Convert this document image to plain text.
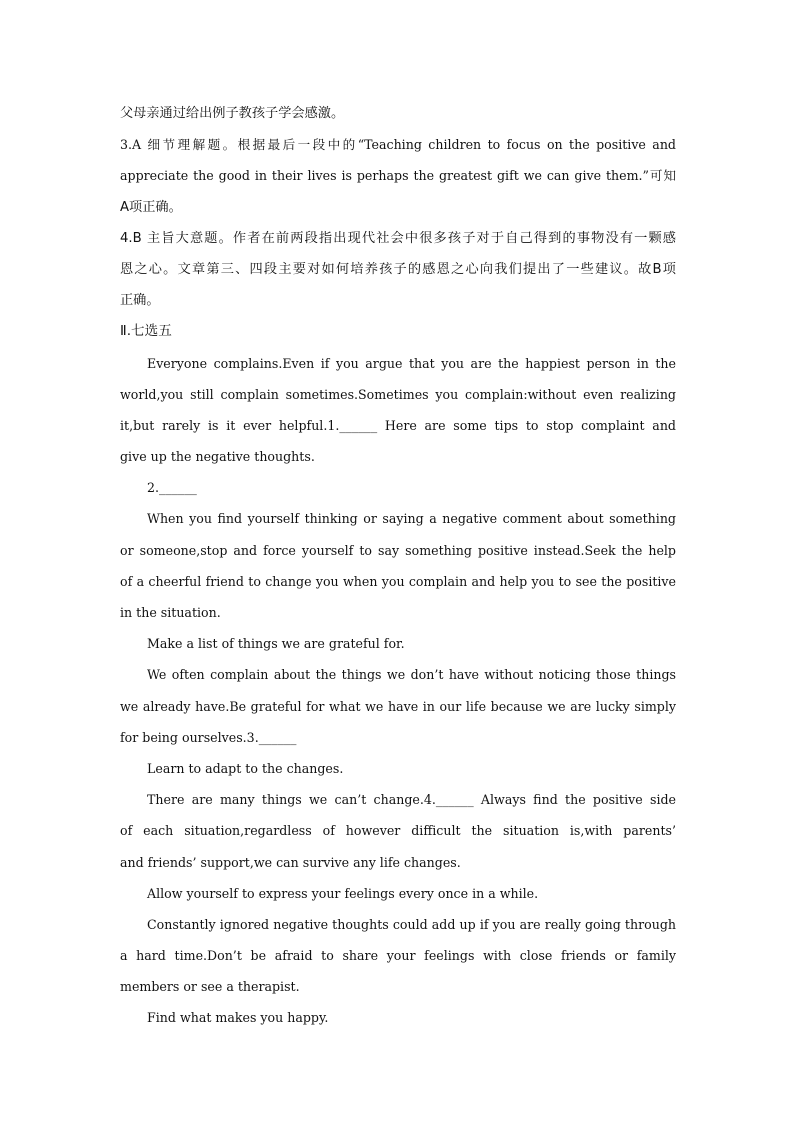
父母亲通过给出例子教孩子学会感激。
3.A 细节理解题。根据最后一段中的“Teaching children to focus on the positive and
appreciate the good in their lives is perhaps the greatest gift we can give them.”可知
A项正确。
4.B 主旨大意题。作者在前两段指出现代社会中很多孩子对于自己得到的事物没有一颗感
恩之心。文章第三、四段主要对如何培养孩子的感恩之心向我们提出了一些建议。故B项
正确。
Ⅱ.七选五
Everyone complains.Even if you argue that you are the happiest person in the
world,you still complain sometimes.Sometimes you complain:without even realizing
it,but rarely is it ever helpful.1.______ Here are some tips to stop complaint and
give up the negative thoughts.
2.______
When you find yourself thinking or saying a negative comment about something
or someone,stop and force yourself to say something positive instead.Seek the help
of a cheerful friend to change you when you complain and help you to see the positive
in the situation.
Make a list of things we are grateful for.
We often complain about the things we don’t have without noticing those things
we already have.Be grateful for what we have in our life because we are lucky simply
for being ourselves.3.______
Learn to adapt to the changes.
There are many things we can’t change.4.______ Always find the positive side
of each situation,regardless of however difficult the situation is,with parents’
and friends’ support,we can survive any life changes.
Allow yourself to express your feelings every once in a while.
Constantly ignored negative thoughts could add up if you are really going through
a hard time.Don’t be afraid to share your feelings with close friends or family
members or see a therapist.
Find what makes you happy.
